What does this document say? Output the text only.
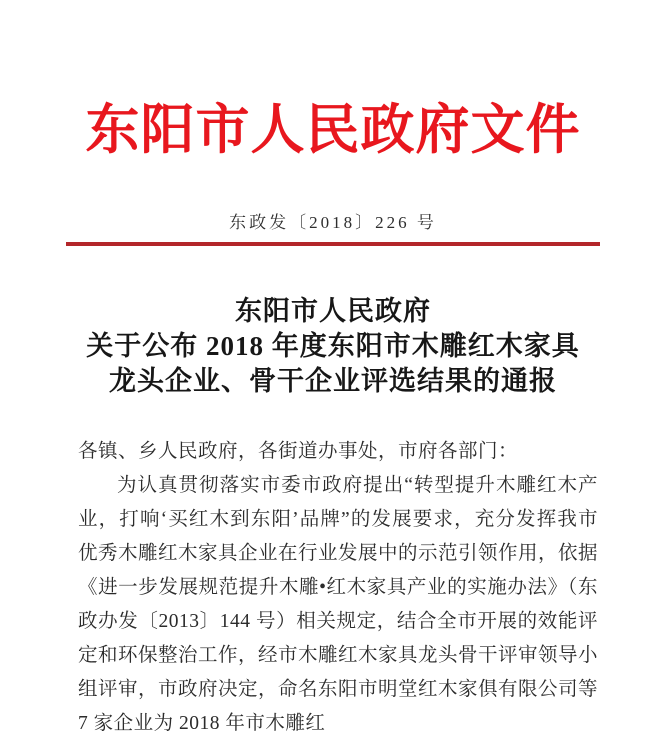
东阳市人民政府文件
东政发〔2018〕226 号
东阳市人民政府
关于公布 2018 年度东阳市木雕红木家具
龙头企业、骨干企业评选结果的通报

各镇、乡人民政府，各街道办事处，市府各部门：

为认真贯彻落实市委市政府提出“转型提升木雕红木产业，打响‘买红木到东阳’品牌”的发展要求，充分发挥我市优秀木雕红木家具企业在行业发展中的示范引领作用，依据《进一步发展规范提升木雕•红木家具产业的实施办法》（东政办发〔2013〕144 号）相关规定，结合全市开展的效能评定和环保整治工作，经市木雕红木家具龙头骨干评审领导小组评审，市政府决定，命名东阳市明堂红木家俱有限公司等 7 家企业为 2018 年市木雕红
